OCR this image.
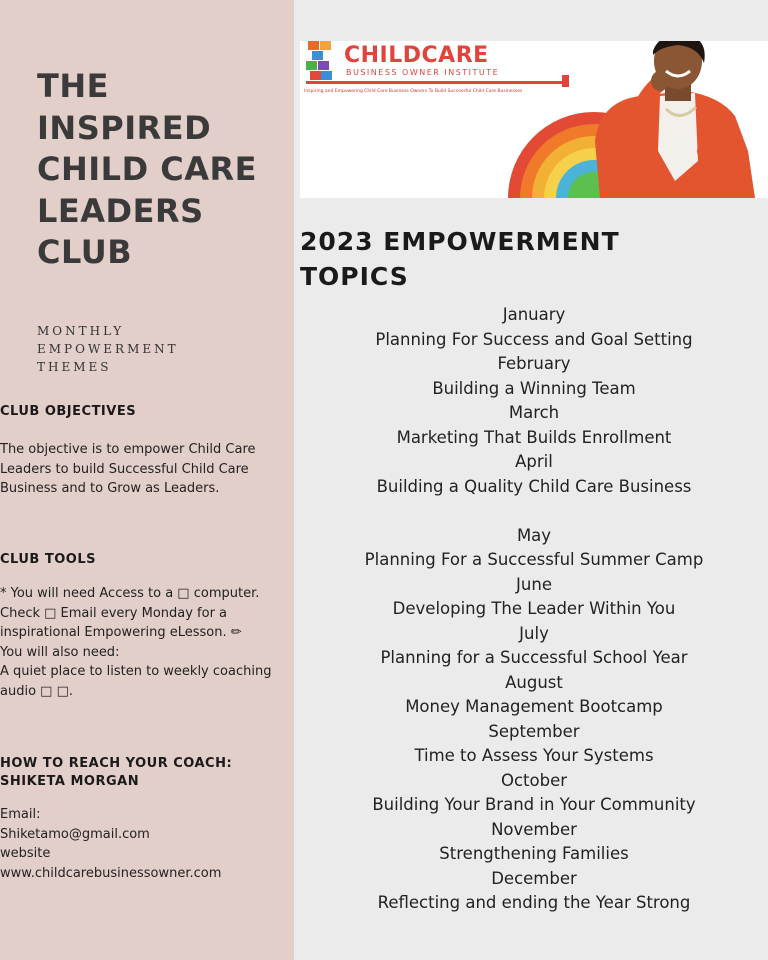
THE
INSPIRED
CHILD CARE
LEADERS
CLUB
MONTHLY
EMPOWERMENT
THEMES
CLUB OBJECTIVES
The objective is to empower Child Care
Leaders to build Successful Child Care
Business and to Grow as Leaders.
CLUB TOOLS
* You will need Access to a □ computer.
Check □ Email every Monday for a
inspirational Empowering eLesson. ✏
You will also need:
A quiet place to listen to weekly coaching
audio □ □.
HOW TO REACH YOUR COACH:
SHIKETA MORGAN
Email:
Shiketamo@gmail.com
website
www.childcarebusinessowner.com
CHILDCARE
BUSINESS OWNER INSTITUTE
Inspiring and Empowering Child Care Business Owners To Build Successful Child Care Businesses
2023 EMPOWERMENT
TOPICS
January
Planning For Success and Goal Setting
February
Building a Winning Team
March
Marketing That Builds Enrollment
April
Building a Quality Child Care Business
May
Planning For a Successful Summer Camp
June
Developing The Leader Within You
July
Planning for a Successful School Year
August
Money Management Bootcamp
September
Time to Assess Your Systems
October
Building Your Brand in Your Community
November
Strengthening Families
December
Reflecting and ending the Year Strong
